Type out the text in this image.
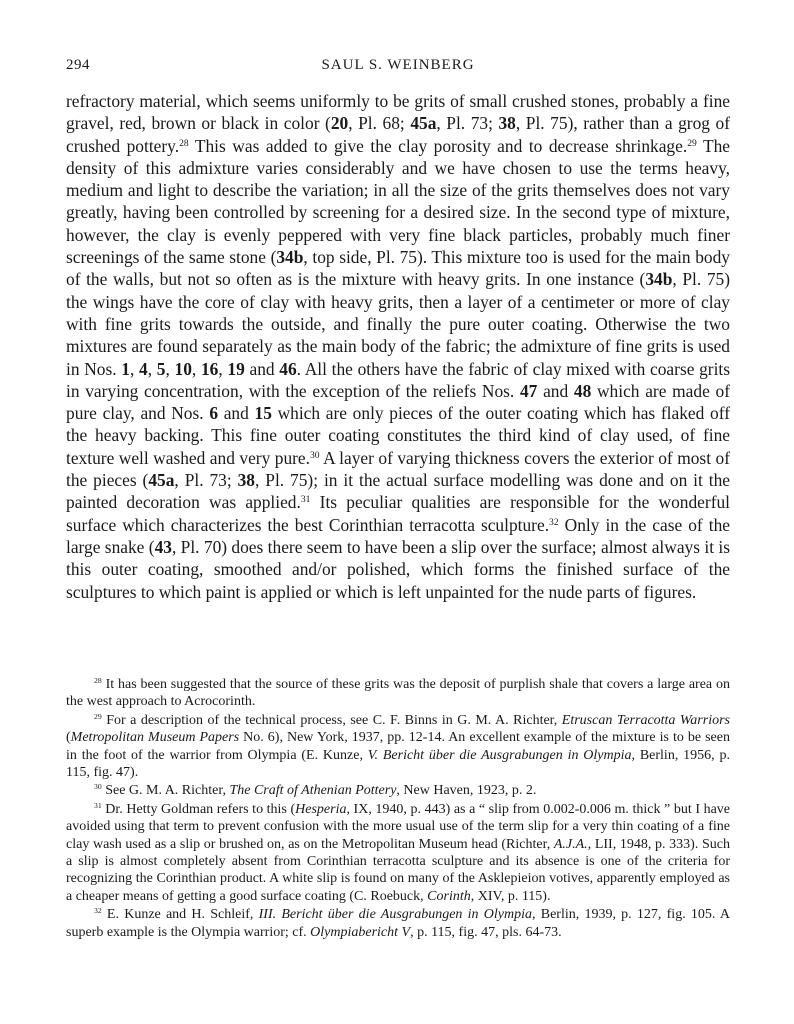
294	SAUL S. WEINBERG

refractory material, which seems uniformly to be grits of small crushed stones, probably a fine gravel, red, brown or black in color (20, Pl. 68; 45a, Pl. 73; 38, Pl. 75), rather than a grog of crushed pottery.$^{28}$ This was added to give the clay porosity and to decrease shrinkage.$^{29}$ The density of this admixture varies considerably and we have chosen to use the terms heavy, medium and light to describe the variation; in all the size of the grits themselves does not vary greatly, having been controlled by screening for a desired size. In the second type of mixture, however, the clay is evenly peppered with very fine black particles, probably much finer screenings of the same stone (34b, top side, Pl. 75). This mixture too is used for the main body of the walls, but not so often as is the mixture with heavy grits. In one instance (34b, Pl. 75) the wings have the core of clay with heavy grits, then a layer of a centimeter or more of clay with fine grits towards the outside, and finally the pure outer coating. Otherwise the two mixtures are found separately as the main body of the fabric; the admixture of fine grits is used in Nos. 1, 4, 5, 10, 16, 19 and 46. All the others have the fabric of clay mixed with coarse grits in varying concentration, with the exception of the reliefs Nos. 47 and 48 which are made of pure clay, and Nos. 6 and 15 which are only pieces of the outer coating which has flaked off the heavy backing. This fine outer coating constitutes the third kind of clay used, of fine texture well washed and very pure.$^{30}$ A layer of varying thickness covers the exterior of most of the pieces (45a, Pl. 73; 38, Pl. 75); in it the actual surface modelling was done and on it the painted decoration was applied.$^{31}$ Its peculiar qualities are responsible for the wonderful surface which characterizes the best Corinthian terracotta sculpture.$^{32}$ Only in the case of the large snake (43, Pl. 70) does there seem to have been a slip over the surface; almost always it is this outer coating, smoothed and/or polished, which forms the finished surface of the sculptures to which paint is applied or which is left unpainted for the nude parts of figures.

$^{28}$ It has been suggested that the source of these grits was the deposit of purplish shale that covers a large area on the west approach to Acrocorinth.

$^{29}$ For a description of the technical process, see C. F. Binns in G. M. A. Richter, Etruscan Terracotta Warriors (Metropolitan Museum Papers No. 6), New York, 1937, pp. 12-14. An excellent example of the mixture is to be seen in the foot of the warrior from Olympia (E. Kunze, V. Bericht über die Ausgrabungen in Olympia, Berlin, 1956, p. 115, fig. 47).

$^{30}$ See G. M. A. Richter, The Craft of Athenian Pottery, New Haven, 1923, p. 2.

$^{31}$ Dr. Hetty Goldman refers to this (Hesperia, IX, 1940, p. 443) as a “ slip from 0.002-0.006 m. thick ” but I have avoided using that term to prevent confusion with the more usual use of the term slip for a very thin coating of a fine clay wash used as a slip or brushed on, as on the Metropolitan Museum head (Richter, A.J.A., LII, 1948, p. 333). Such a slip is almost completely absent from Corinthian terracotta sculpture and its absence is one of the criteria for recognizing the Corinthian product. A white slip is found on many of the Asklepieion votives, apparently employed as a cheaper means of getting a good surface coating (C. Roebuck, Corinth, XIV, p. 115).

$^{32}$ E. Kunze and H. Schleif, III. Bericht über die Ausgrabungen in Olympia, Berlin, 1939, p. 127, fig. 105. A superb example is the Olympia warrior; cf. Olympiabericht V, p. 115, fig. 47, pls. 64-73.
